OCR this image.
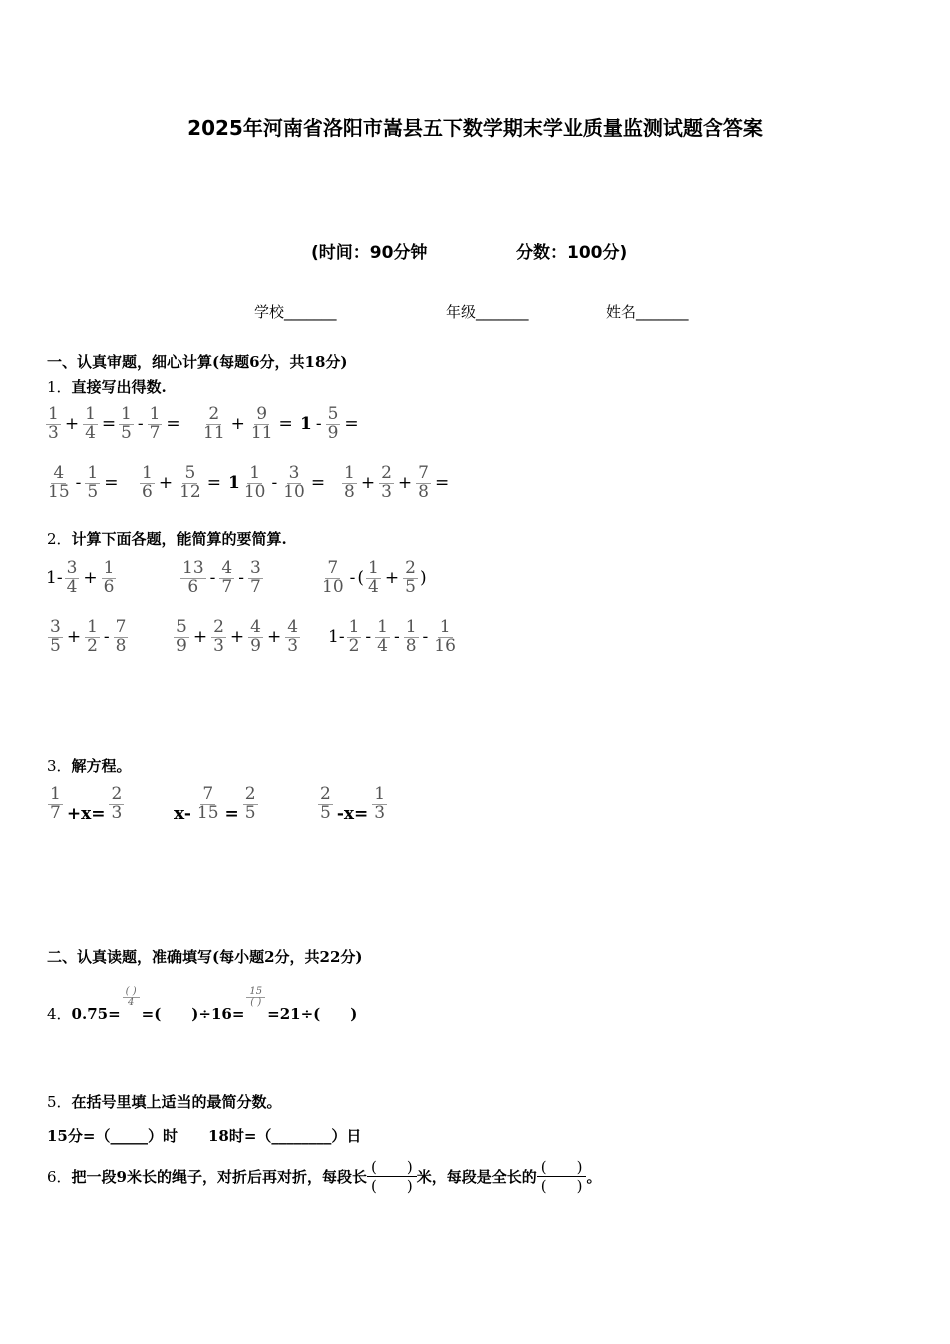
2025年河南省洛阳市嵩县五下数学期末学业质量监测试题含答案
(时间：90分钟	分数：100分)
学校_______	年级_______	姓名_______
一、认真审题，细心计算(每题6分，共18分)
1．直接写出得数.
$\frac{1}{3} + \frac{1}{4} = \frac{1}{5} - \frac{1}{7} = \frac{2}{11} + \frac{9}{11} = 1 - \frac{5}{9}$ =
$\frac{4}{15} - \frac{1}{5} = \frac{1}{6} + \frac{5}{12} = 1 \frac{1}{10} - \frac{3}{10} = \frac{1}{8} + \frac{2}{3} + \frac{7}{8}$ =
2．计算下面各题，能简算的要简算.
$1- \frac{3}{4} + \frac{1}{6}$	$\frac{13}{6} - \frac{4}{7} - \frac{3}{7}$	$\frac{7}{10}$ - ( $\frac{1}{4} + \frac{2}{5}$ )
$\frac{3}{5} + \frac{1}{2} - \frac{7}{8}$	$\frac{5}{9} + \frac{2}{3} + \frac{4}{9} + \frac{4}{3} 1- \frac{1}{2} - \frac{1}{4} - \frac{1}{8} - \frac{1}{16}$
3．解方程。
$\frac{1}{7} +x= \frac{2}{3}$	$x- \frac{7}{15} = \frac{2}{5}$	$\frac{2}{5} -x= \frac{1}{3}$
二、认真读题，准确填写(每小题2分，共22分)
4． 0.75=
$\frac{( )}{4}$
=(　　)÷16=
$\frac{15}{( )}$
=21÷(　　)
5．在括号里填上适当的最简分数。
15分=（_____）时　　18时=（________）日
6． 把一段9米长的绳子，对折后再对折，每段长 $\frac{( )}{( )}$ 米，每段是全长的 $\frac{( )}{( )}$ 。
